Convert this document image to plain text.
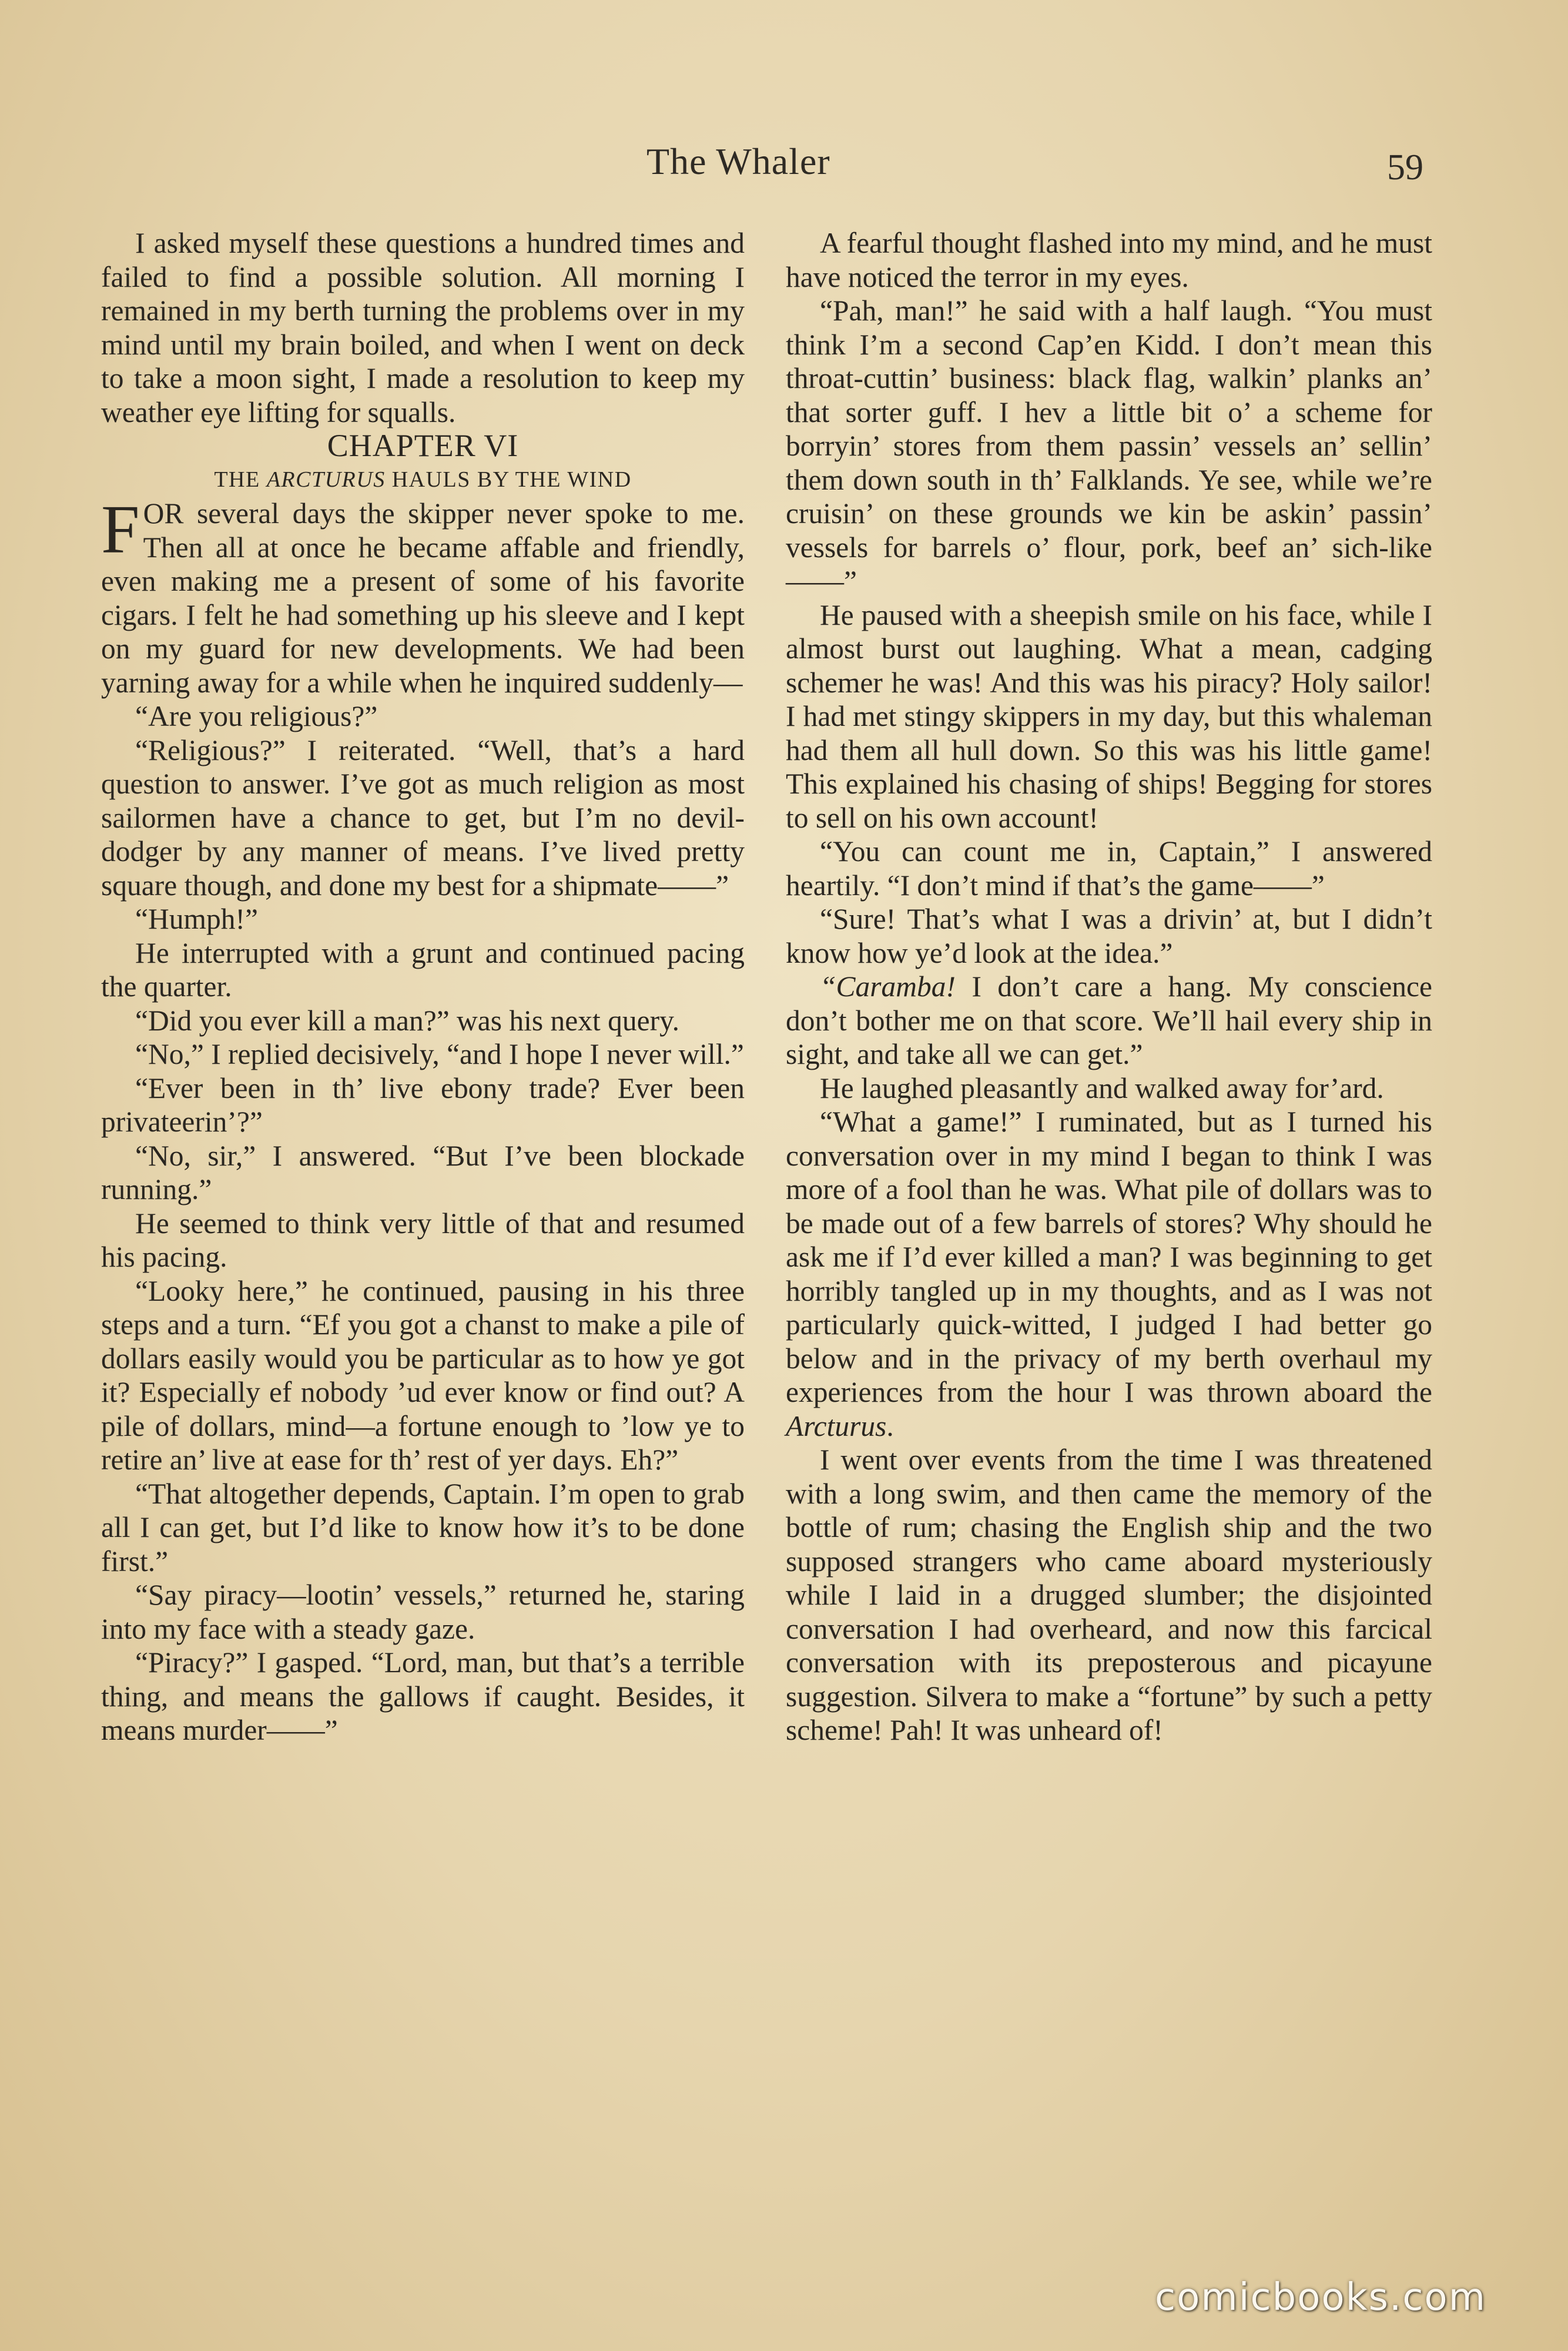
The Whaler	59

I asked myself these questions a hundred times and failed to find a possible solution. All morning I remained in my berth turning the problems over in my mind until my brain boiled, and when I went on deck to take a moon sight, I made a resolution to keep my weather eye lifting for squalls.

CHAPTER VI

THE ARCTURUS HAULS BY THE WIND

FOR several days the skipper never spoke to me. Then all at once he became affable and friendly, even making me a present of some of his favorite cigars. I felt he had something up his sleeve and I kept on my guard for new developments. We had been yarning away for a while when he inquired suddenly—

“Are you religious?”

“Religious?” I reiterated. “Well, that’s a hard question to answer. I’ve got as much religion as most sailormen have a chance to get, but I’m no devil-dodger by any manner of means. I’ve lived pretty square though, and done my best for a shipmate——”

“Humph!”

He interrupted with a grunt and continued pacing the quarter.

“Did you ever kill a man?” was his next query.

“No,” I replied decisively, “and I hope I never will.”

“Ever been in th’ live ebony trade? Ever been privateerin’?”

“No, sir,” I answered. “But I’ve been blockade running.”

He seemed to think very little of that and resumed his pacing.

“Looky here,” he continued, pausing in his three steps and a turn. “Ef you got a chanst to make a pile of dollars easily would you be particular as to how ye got it? Especially ef nobody ’ud ever know or find out? A pile of dollars, mind—a fortune enough to ’low ye to retire an’ live at ease for th’ rest of yer days. Eh?”

“That altogether depends, Captain. I’m open to grab all I can get, but I’d like to know how it’s to be done first.”

“Say piracy—lootin’ vessels,” returned he, staring into my face with a steady gaze.

“Piracy?” I gasped. “Lord, man, but that’s a terrible thing, and means the gallows if caught. Besides, it means murder——”

A fearful thought flashed into my mind, and he must have noticed the terror in my eyes.

“Pah, man!” he said with a half laugh. “You must think I’m a second Cap’en Kidd. I don’t mean this throat-cuttin’ business: black flag, walkin’ planks an’ that sorter guff. I hev a little bit o’ a scheme for borryin’ stores from them passin’ vessels an’ sellin’ them down south in th’ Falklands. Ye see, while we’re cruisin’ on these grounds we kin be askin’ passin’ vessels for barrels o’ flour, pork, beef an’ sich-like——”

He paused with a sheepish smile on his face, while I almost burst out laughing. What a mean, cadging schemer he was! And this was his piracy? Holy sailor! I had met stingy skippers in my day, but this whaleman had them all hull down. So this was his little game! This explained his chasing of ships! Begging for stores to sell on his own account!

“You can count me in, Captain,” I answered heartily. “I don’t mind if that’s the game——”

“Sure! That’s what I was a drivin’ at, but I didn’t know how ye’d look at the idea.”

“Caramba! I don’t care a hang. My conscience don’t bother me on that score. We’ll hail every ship in sight, and take all we can get.”

He laughed pleasantly and walked away for’ard.

“What a game!” I ruminated, but as I turned his conversation over in my mind I began to think I was more of a fool than he was. What pile of dollars was to be made out of a few barrels of stores? Why should he ask me if I’d ever killed a man? I was beginning to get horribly tangled up in my thoughts, and as I was not particularly quick-witted, I judged I had better go below and in the privacy of my berth overhaul my experiences from the hour I was thrown aboard the Arcturus.

I went over events from the time I was threatened with a long swim, and then came the memory of the bottle of rum; chasing the English ship and the two supposed strangers who came aboard mysteriously while I laid in a drugged slumber; the disjointed conversation I had overheard, and now this farcical conversation with its preposterous and picayune suggestion. Silvera to make a “fortune” by such a petty scheme! Pah! It was unheard of!

comicbooks.com
